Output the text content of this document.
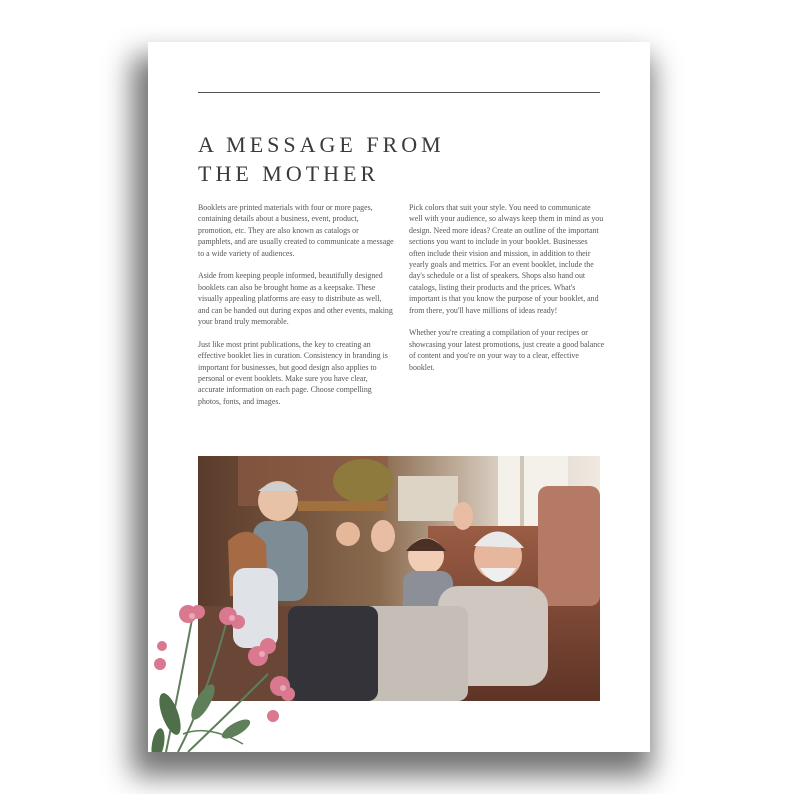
A MESSAGE FROM
THE MOTHER

Booklets are printed materials with four or more pages, containing details about a business, event, product, promotion, etc. They are also known as catalogs or pamphlets, and are usually created to communicate a message to a wide variety of audiences.

Aside from keeping people informed, beautifully designed booklets can also be brought home as a keepsake. These visually appealing platforms are easy to distribute as well, and can be handed out during expos and other events, making your brand truly memorable.

Just like most print publications, the key to creating an effective booklet lies in curation. Consistency in branding is important for businesses, but good design also applies to personal or event booklets. Make sure you have clear, accurate information on each page. Choose compelling photos, fonts, and images.

Pick colors that suit your style. You need to communicate well with your audience, so always keep them in mind as you design. Need more ideas? Create an outline of the important sections you want to include in your booklet. Businesses often include their vision and mission, in addition to their yearly goals and metrics. For an event booklet, include the day's schedule or a list of speakers. Shops also hand out catalogs, listing their products and the prices. What's important is that you know the purpose of your booklet, and from there, you'll have millions of ideas ready!

Whether you're creating a compilation of your recipes or showcasing your latest promotions, just create a good balance of content and you're on your way to a clear, effective booklet.
